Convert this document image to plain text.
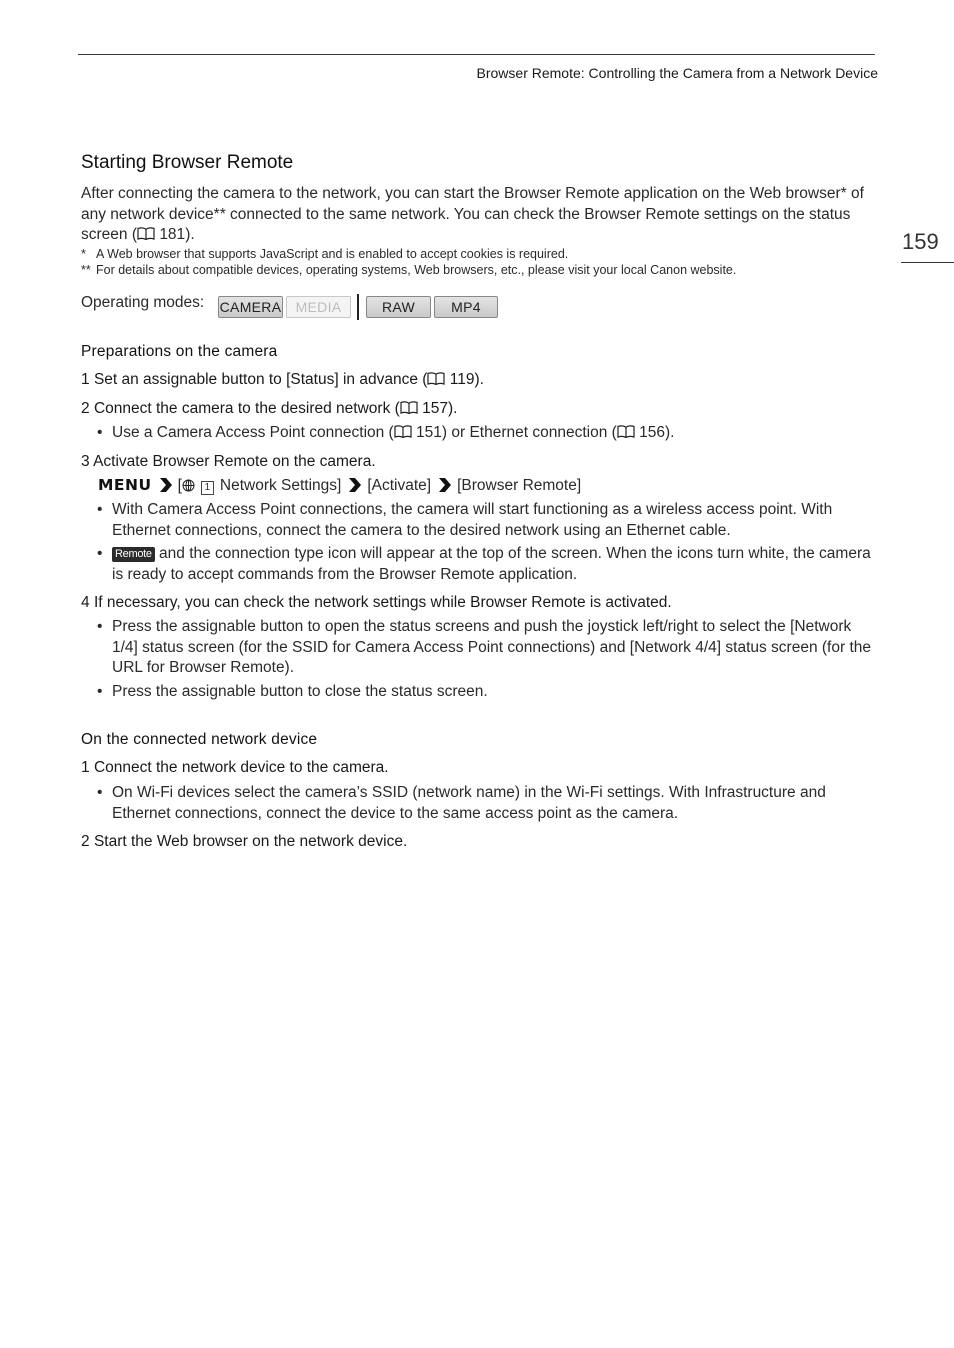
Browser Remote: Controlling the Camera from a Network Device
159
Starting Browser Remote
After connecting the camera to the network, you can start the Browser Remote application on the Web browser* of any network device** connected to the same network. You can check the Browser Remote settings on the status screen ( 181).
* A Web browser that supports JavaScript and is enabled to accept cookies is required.
** For details about compatible devices, operating systems, Web browsers, etc., please visit your local Canon website.
Operating modes: CAMERA	MEDIA	RAW	MP4
Preparations on the camera
1 Set an assignable button to [Status] in advance ( 119).
2 Connect the camera to the desired network ( 157).
• Use a Camera Access Point connection ( 151) or Ethernet connection ( 156).
3 Activate Browser Remote on the camera.
MENU [ 1 Network Settings] [Activate] [Browser Remote]
• With Camera Access Point connections, the camera will start functioning as a wireless access point. With Ethernet connections, connect the camera to the desired network using an Ethernet cable.
• Remote and the connection type icon will appear at the top of the screen. When the icons turn white, the camera is ready to accept commands from the Browser Remote application.
4 If necessary, you can check the network settings while Browser Remote is activated.
• Press the assignable button to open the status screens and push the joystick left/right to select the [Network 1/4] status screen (for the SSID for Camera Access Point connections) and [Network 4/4] status screen (for the URL for Browser Remote).
• Press the assignable button to close the status screen.
On the connected network device
1 Connect the network device to the camera.
• On Wi-Fi devices select the camera’s SSID (network name) in the Wi-Fi settings. With Infrastructure and Ethernet connections, connect the device to the same access point as the camera.
2 Start the Web browser on the network device.
